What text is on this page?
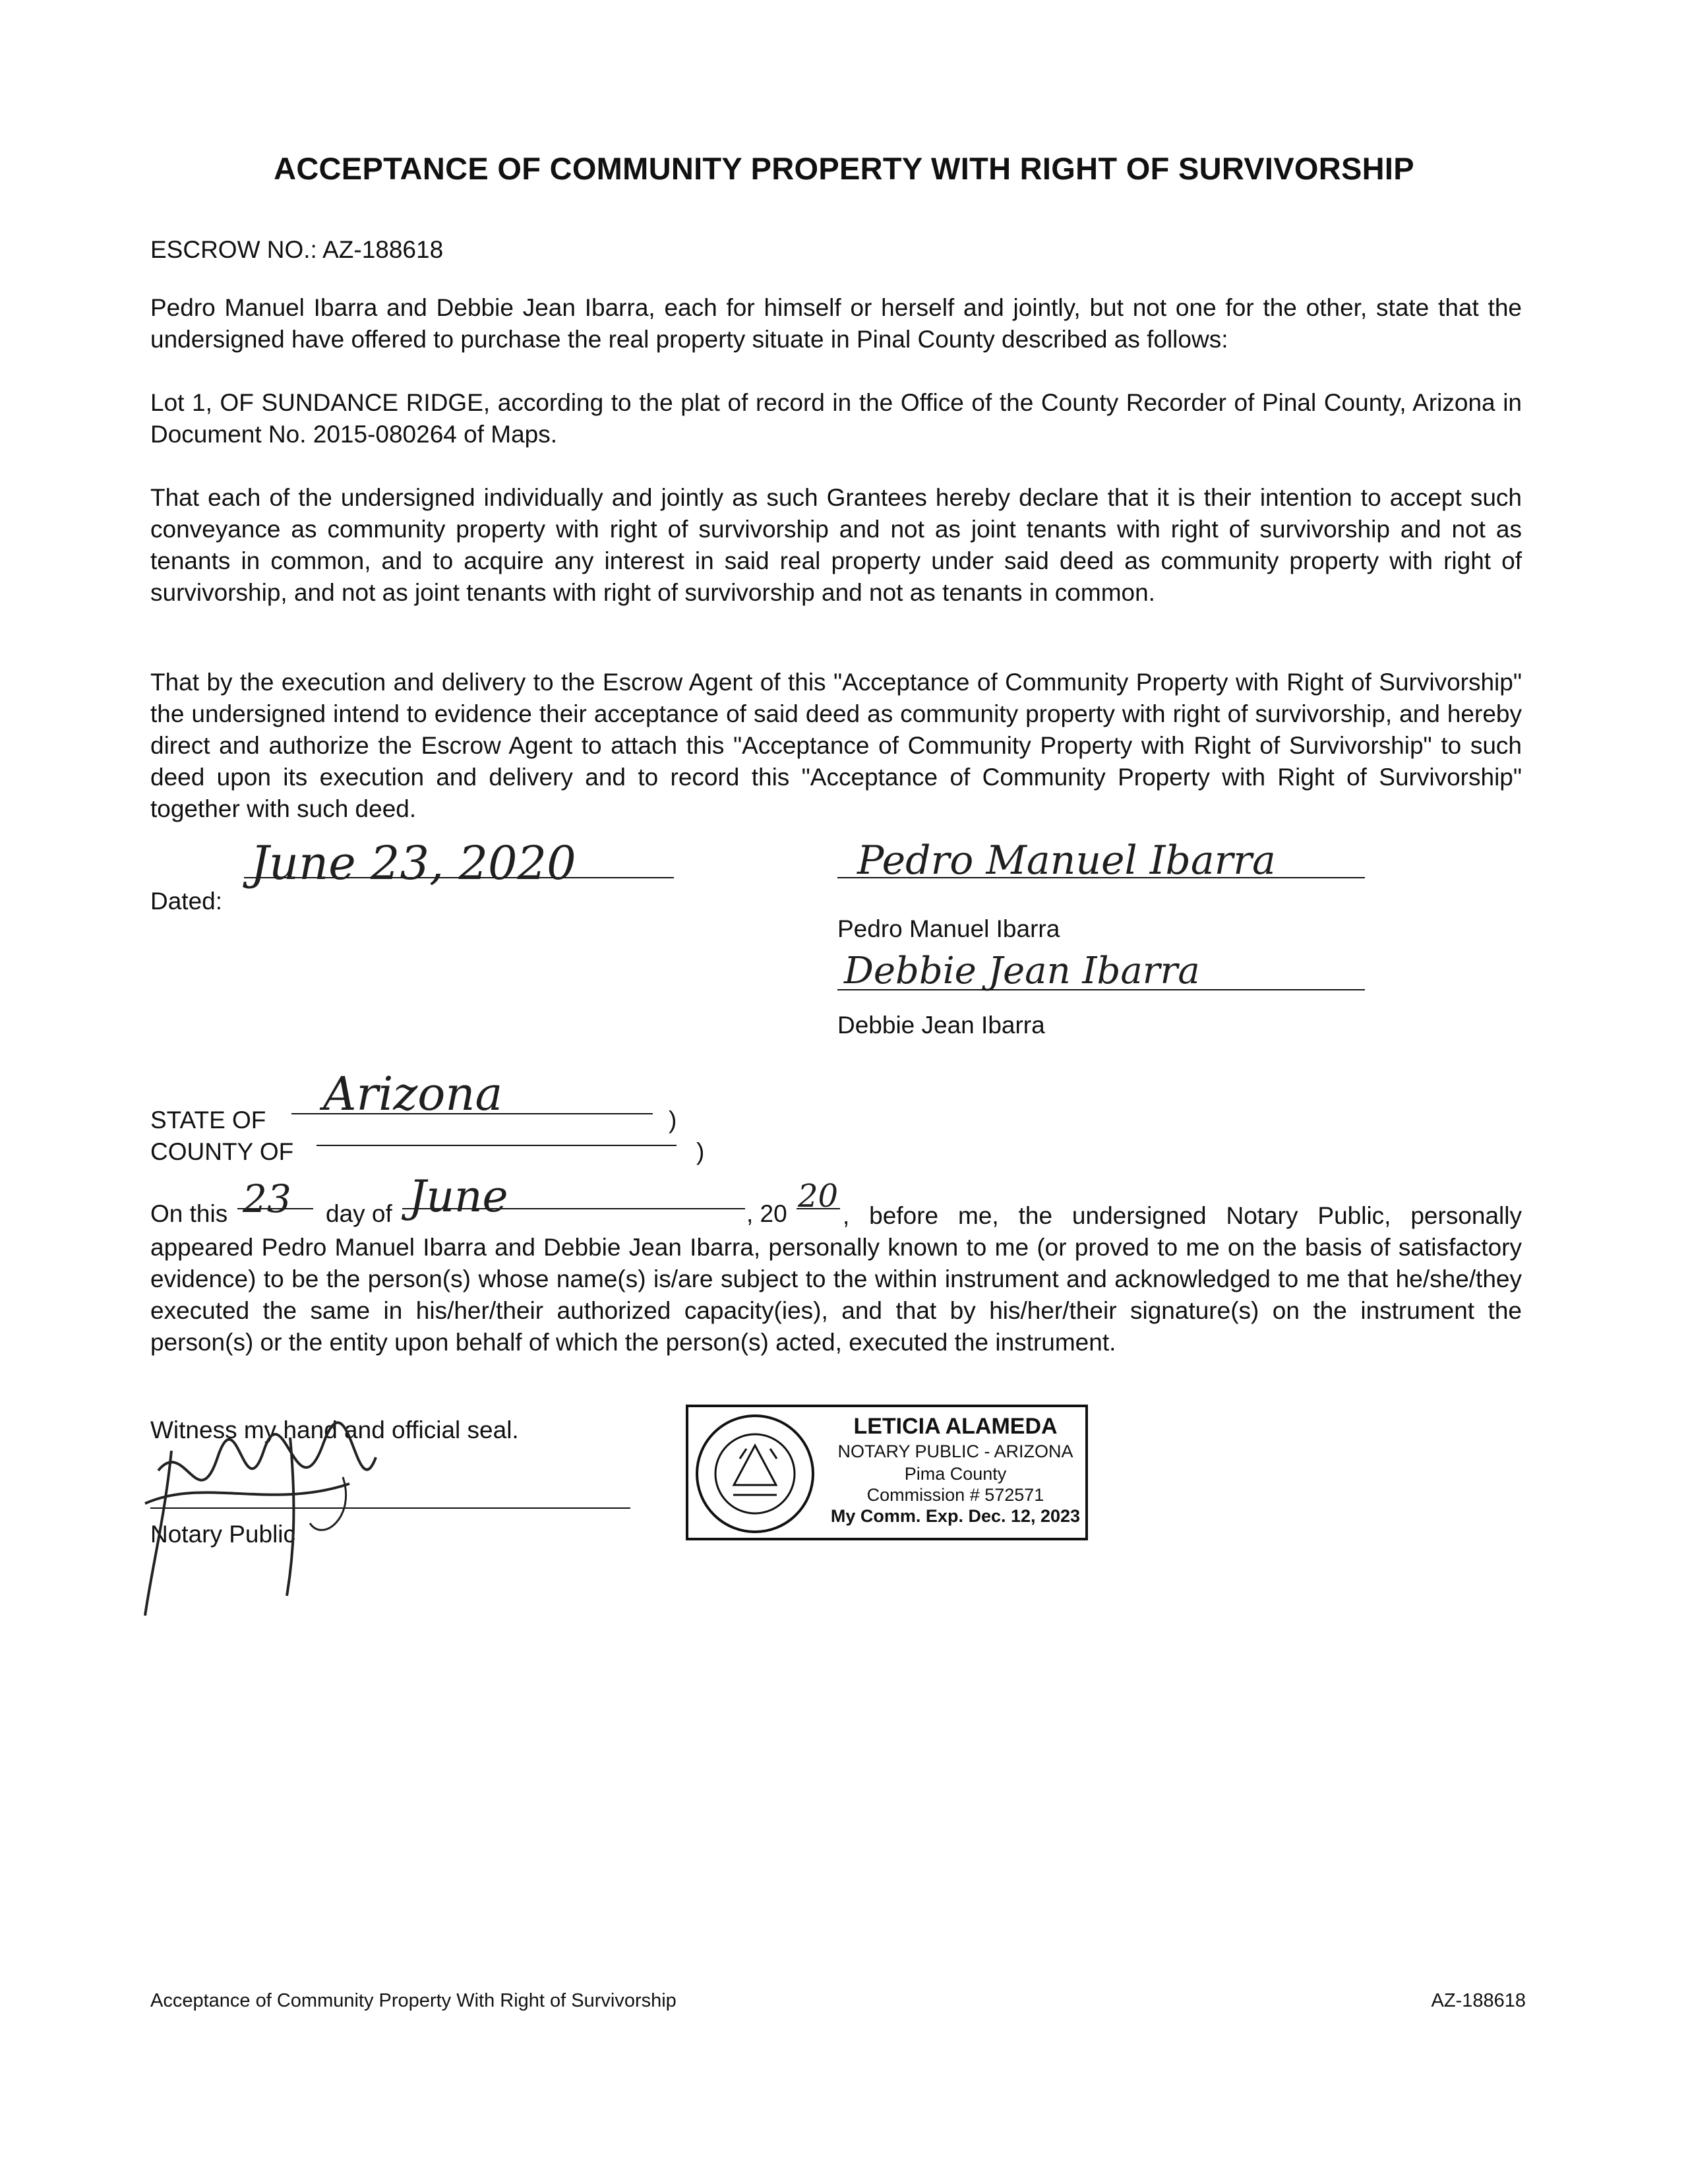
ACCEPTANCE OF COMMUNITY PROPERTY WITH RIGHT OF SURVIVORSHIP
ESCROW NO.: AZ-188618
Pedro Manuel Ibarra and Debbie Jean Ibarra, each for himself or herself and jointly, but not one for the other, state that the undersigned have offered to purchase the real property situate in Pinal County described as follows:
Lot 1, OF SUNDANCE RIDGE, according to the plat of record in the Office of the County Recorder of Pinal County, Arizona in Document No. 2015-080264 of Maps.
That each of the undersigned individually and jointly as such Grantees hereby declare that it is their intention to accept such conveyance as community property with right of survivorship and not as joint tenants with right of survivorship and not as tenants in common, and to acquire any interest in said real property under said deed as community property with right of survivorship, and not as joint tenants with right of survivorship and not as tenants in common.
That by the execution and delivery to the Escrow Agent of this "Acceptance of Community Property with Right of Survivorship" the undersigned intend to evidence their acceptance of said deed as community property with right of survivorship, and hereby direct and authorize the Escrow Agent to attach this "Acceptance of Community Property with Right of Survivorship" to such deed upon its execution and delivery and to record this "Acceptance of Community Property with Right of Survivorship" together with such deed.
Dated:
June 23, 2020	Pedro Manuel Ibarra
Pedro Manuel Ibarra
Debbie Jean Ibarra
Debbie Jean Ibarra
STATE OF Arizona	)
COUNTY OF	)
On this 23 day of June	, 20 20
, before me, the undersigned Notary Public, personally appeared Pedro Manuel Ibarra and Debbie Jean Ibarra, personally known to me (or proved to me on the basis of satisfactory evidence) to be the person(s) whose name(s) is/are subject to the within instrument and acknowledged to me that he/she/they executed the same in his/her/their authorized capacity(ies), and that by his/her/their signature(s) on the instrument the person(s) or the entity upon behalf of which the person(s) acted, executed the instrument.
Witness my hand and official seal.
Notary Public
LETICIA ALAMEDA
NOTARY PUBLIC - ARIZONA
Pima County
Commission # 572571
My Comm. Exp. Dec. 12, 2023
Acceptance of Community Property With Right of Survivorship	AZ-188618
